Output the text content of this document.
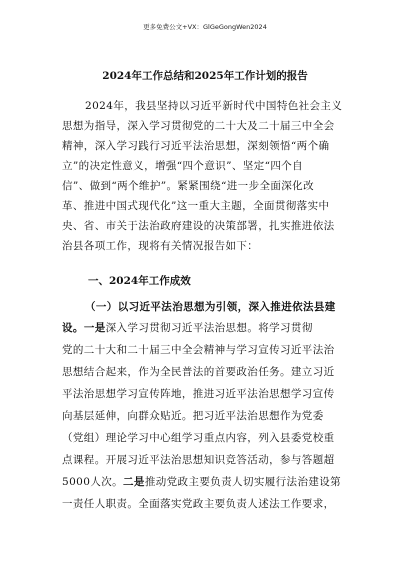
更多免费公文+VX：GlGeGongWen2024
2024年工作总结和2025年工作计划的报告
2024年，我县坚持以习近平新时代中国特色社会主义
思想为指导，深入学习贯彻党的二十大及二十届三中全会
精神，深入学习践行习近平法治思想，深刻领悟“两个确
立”的决定性意义，增强“四个意识”、坚定“四个自
信”、做到“两个维护”。紧紧围绕“进一步全面深化改
革、推进中国式现代化”这一重大主题，全面贯彻落实中
央、省、市关于法治政府建设的决策部署，扎实推进依法
治县各项工作，现将有关情况报告如下：
一、2024年工作成效
（一）以习近平法治思想为引领，深入推进依法县建
设。一是深入学习贯彻习近平法治思想。将学习贯彻
党的二十大和二十届三中全会精神与学习宣传习近平法治
思想结合起来，作为全民普法的首要政治任务。建立习近
平法治思想学习宣传阵地，推进习近平法治思想学习宣传
向基层延伸，向群众贴近。把习近平法治思想作为党委
（党组）理论学习中心组学习重点内容，列入县委党校重
点课程。开展习近平法治思想知识竞答活动，参与答题超
5000人次。二是推动党政主要负责人切实履行法治建设第
一责任人职责。全面落实党政主要负责人述法工作要求，
